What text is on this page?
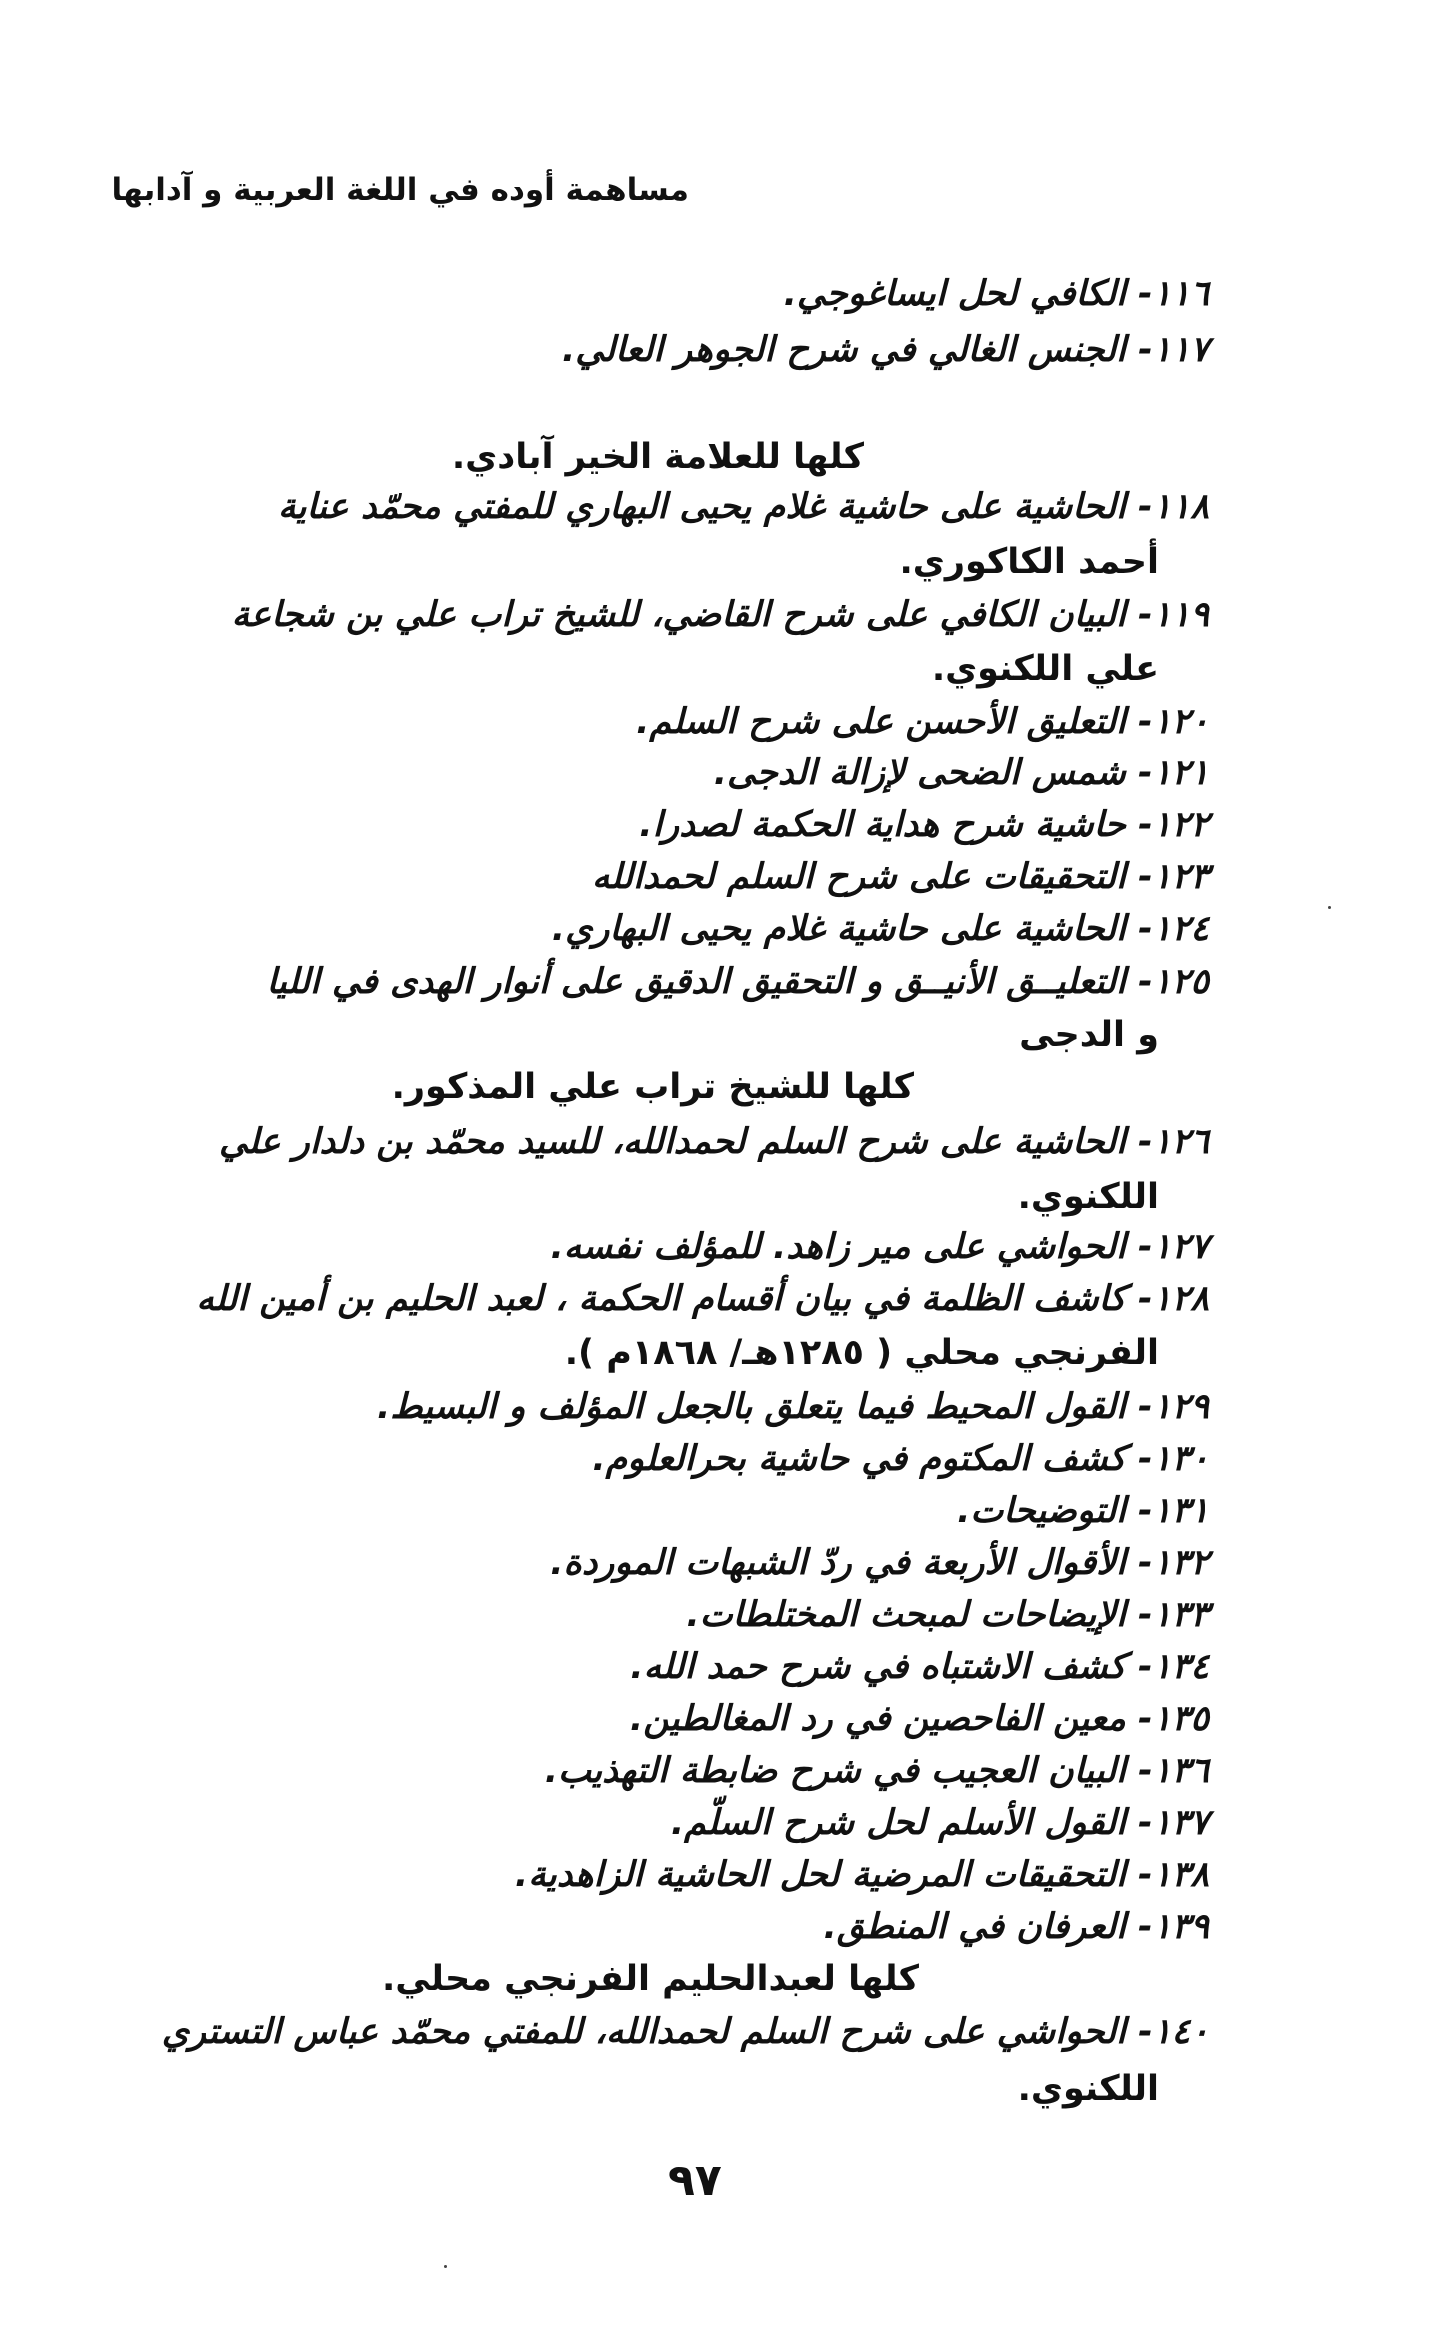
مساهمة أوده في اللغة العربية و آدابها
١١٦- الكافي لحل ايساغوجي.
١١٧- الجنس الغالي في شرح الجوهر العالي.
كلها للعلامة الخير آبادي.
١١٨- الحاشية على حاشية غلام يحيى البهاري للمفتي محمّد عناية
أحمد الكاكوري.
١١٩- البيان الكافي على شرح القاضي، للشيخ تراب علي بن شجاعة
علي اللكنوي.
١٢٠- التعليق الأحسن على شرح السلم.
١٢١- شمس الضحى لإزالة الدجى.
١٢٢- حاشية شرح هداية الحكمة لصدرا.
١٢٣- التحقيقات على شرح السلم لحمدالله
١٢٤- الحاشية على حاشية غلام يحيى البهاري.
١٢٥- التعليــق الأنيــق و التحقيق الدقيق على أنوار الهدى في الليا
و الدجى
كلها للشيخ تراب علي المذكور.
١٢٦- الحاشية على شرح السلم لحمدالله، للسيد محمّد بن دلدار علي
اللكنوي.
١٢٧- الحواشي على مير زاهد. للمؤلف نفسه.
١٢٨- كاشف الظلمة في بيان أقسام الحكمة ، لعبد الحليم بن أمين الله
الفرنجي محلي ( ١٢٨٥هـ/ ١٨٦٨م ).
١٢٩- القول المحيط فيما يتعلق بالجعل المؤلف و البسيط.
١٣٠- كشف المكتوم في حاشية بحرالعلوم.
١٣١- التوضيحات.
١٣٢- الأقوال الأربعة في ردّ الشبهات الموردة.
١٣٣- الإيضاحات لمبحث المختلطات.
١٣٤- كشف الاشتباه في شرح حمد الله.
١٣٥- معين الفاحصين في رد المغالطين.
١٣٦- البيان العجيب في شرح ضابطة التهذيب.
١٣٧- القول الأسلم لحل شرح السلّم.
١٣٨- التحقيقات المرضية لحل الحاشية الزاهدية.
١٣٩- العرفان في المنطق.
كلها لعبدالحليم الفرنجي محلي.
١٤٠- الحواشي على شرح السلم لحمدالله، للمفتي محمّد عباس التستري
اللكنوي.
٩٧
